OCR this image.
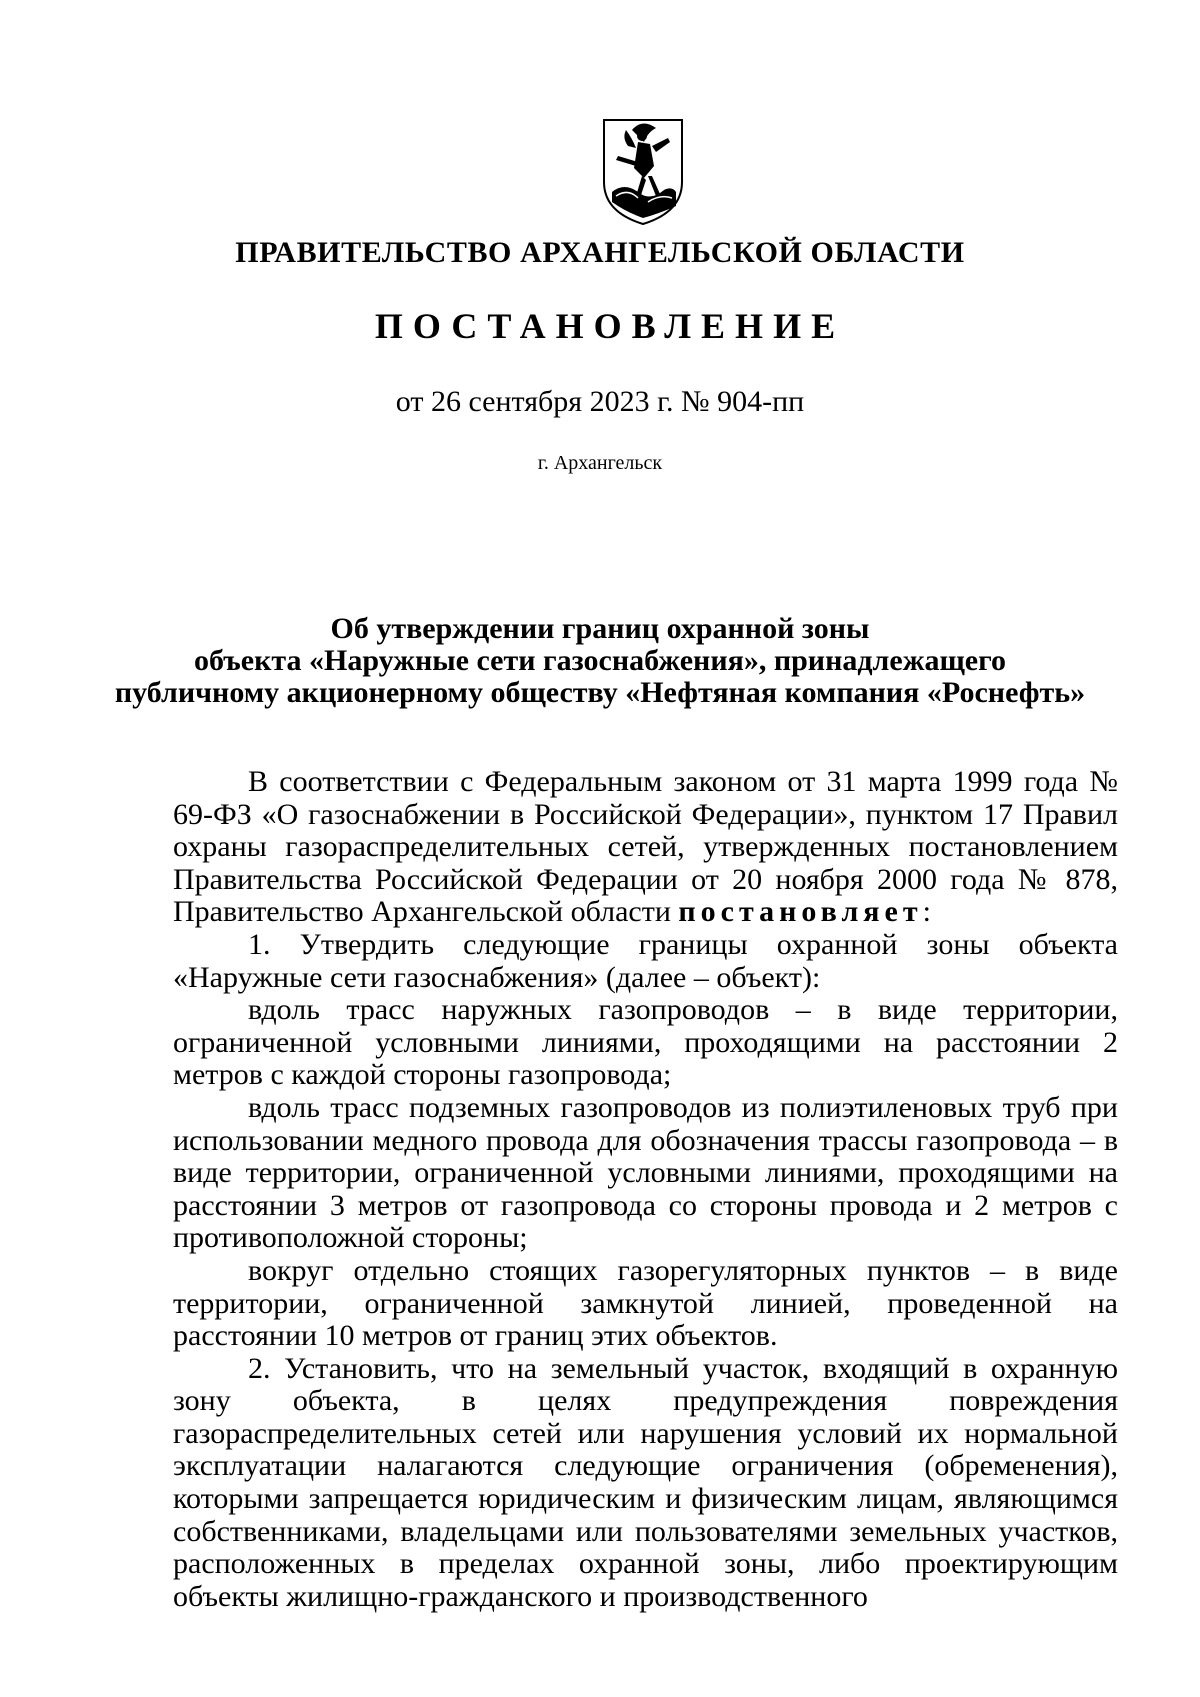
ПРАВИТЕЛЬСТВО АРХАНГЕЛЬСКОЙ ОБЛАСТИ
ПОСТАНОВЛЕНИЕ
от 26 сентября 2023 г. № 904-пп
г. Архангельск
Об утверждении границ охранной зоны
объекта «Наружные сети газоснабжения», принадлежащего
публичному акционерному обществу «Нефтяная компания «Роснефть»

В соответствии с Федеральным законом от 31 марта 1999 года № 69-ФЗ «О газоснабжении в Российской Федерации», пунктом 17 Правил охраны газораспределительных сетей, утвержденных постановлением Правительства Российской Федерации от 20 ноября 2000 года № 878, Правительство Архангельской области постановляет:

1. Утвердить следующие границы охранной зоны объекта «Наружные сети газоснабжения» (далее – объект):

вдоль трасс наружных газопроводов – в виде территории, ограниченной условными линиями, проходящими на расстоянии 2 метров с каждой стороны газопровода;

вдоль трасс подземных газопроводов из полиэтиленовых труб при использовании медного провода для обозначения трассы газопровода – в виде территории, ограниченной условными линиями, проходящими на расстоянии 3 метров от газопровода со стороны провода и 2 метров с противоположной стороны;

вокруг отдельно стоящих газорегуляторных пунктов – в виде территории, ограниченной замкнутой линией, проведенной на расстоянии 10 метров от границ этих объектов.

2. Установить, что на земельный участок, входящий в охранную зону объекта, в целях предупреждения повреждения газораспределительных сетей или нарушения условий их нормальной эксплуатации налагаются следующие ограничения (обременения), которыми запрещается юридическим и физическим лицам, являющимся собственниками, владельцами или пользователями земельных участков, расположенных в пределах охранной зоны, либо проектирующим объекты жилищно-гражданского и производственного
